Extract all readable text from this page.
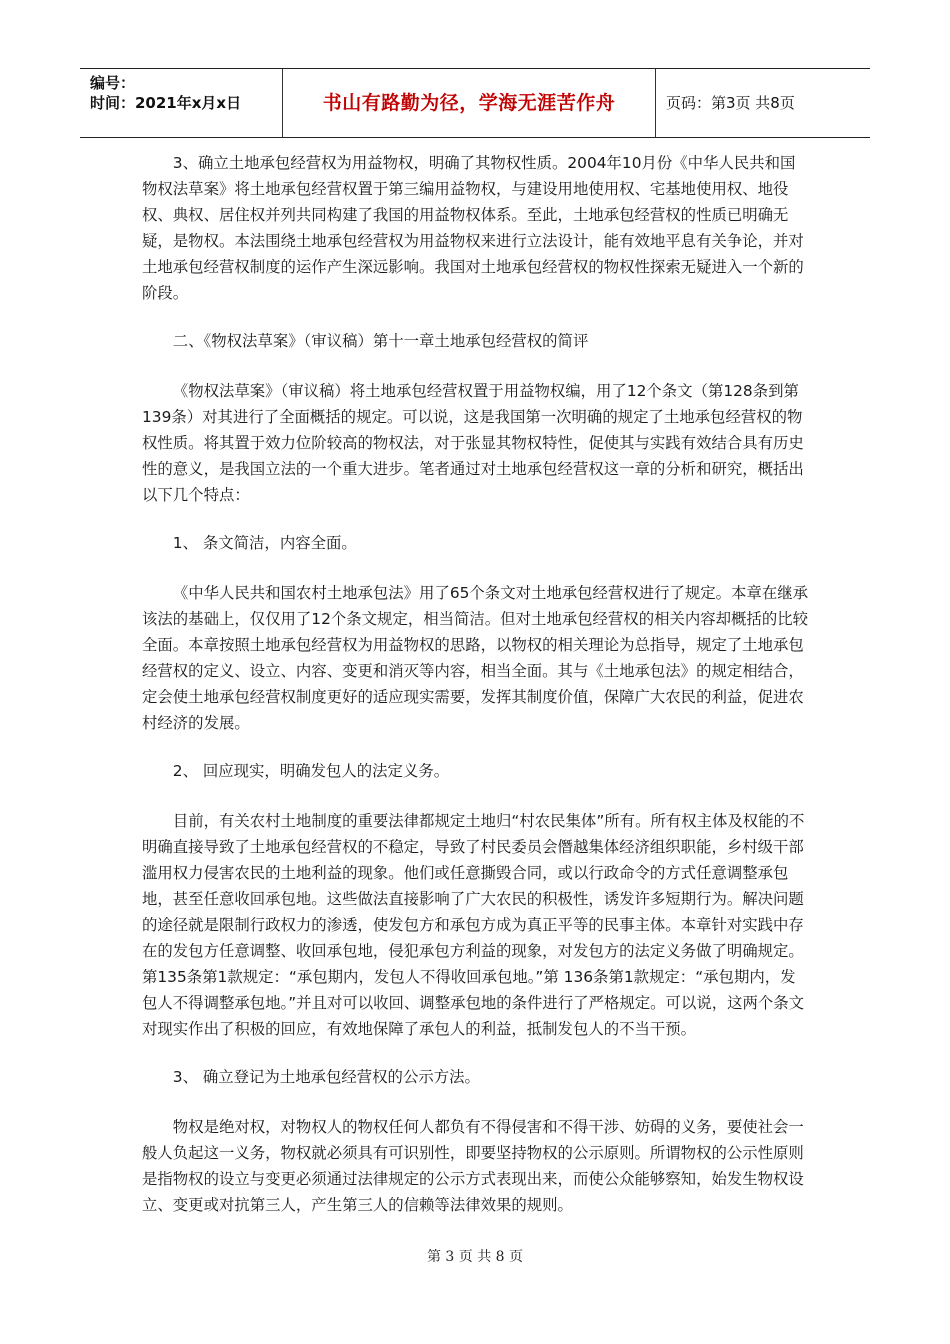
编号：
时间：2021年x月x日	书山有路勤为径，学海无涯苦作舟	页码：第3页 共8页

3、确立土地承包经营权为用益物权，明确了其物权性质。2004年10月份《中华人民共和国物权法草案》将土地承包经营权置于第三编用益物权，与建设用地使用权、宅基地使用权、地役权、典权、居住权并列共同构建了我国的用益物权体系。至此，土地承包经营权的性质已明确无疑，是物权。本法围绕土地承包经营权为用益物权来进行立法设计，能有效地平息有关争论，并对土地承包经营权制度的运作产生深远影响。我国对土地承包经营权的物权性探索无疑进入一个新的阶段。

二、《物权法草案》（审议稿）第十一章土地承包经营权的简评

《物权法草案》（审议稿）将土地承包经营权置于用益物权编，用了12个条文（第128条到第139条）对其进行了全面概括的规定。可以说，这是我国第一次明确的规定了土地承包经营权的物权性质。将其置于效力位阶较高的物权法，对于张显其物权特性，促使其与实践有效结合具有历史性的意义，是我国立法的一个重大进步。笔者通过对土地承包经营权这一章的分析和研究，概括出以下几个特点：

1、 条文简洁，内容全面。

《中华人民共和国农村土地承包法》用了65个条文对土地承包经营权进行了规定。本章在继承该法的基础上，仅仅用了12个条文规定，相当简洁。但对土地承包经营权的相关内容却概括的比较全面。本章按照土地承包经营权为用益物权的思路，以物权的相关理论为总指导，规定了土地承包经营权的定义、设立、内容、变更和消灭等内容，相当全面。其与《土地承包法》的规定相结合，定会使土地承包经营权制度更好的适应现实需要，发挥其制度价值，保障广大农民的利益，促进农村经济的发展。

2、 回应现实，明确发包人的法定义务。

目前，有关农村土地制度的重要法律都规定土地归“村农民集体”所有。所有权主体及权能的不明确直接导致了土地承包经营权的不稳定，导致了村民委员会僭越集体经济组织职能，乡村级干部滥用权力侵害农民的土地利益的现象。他们或任意撕毁合同，或以行政命令的方式任意调整承包地，甚至任意收回承包地。这些做法直接影响了广大农民的积极性，诱发许多短期行为。解决问题的途径就是限制行政权力的渗透，使发包方和承包方成为真正平等的民事主体。本章针对实践中存在的发包方任意调整、收回承包地，侵犯承包方利益的现象，对发包方的法定义务做了明确规定。第135条第1款规定：“承包期内，发包人不得收回承包地。”第 136条第1款规定：“承包期内，发包人不得调整承包地。”并且对可以收回、调整承包地的条件进行了严格规定。可以说，这两个条文对现实作出了积极的回应，有效地保障了承包人的利益，抵制发包人的不当干预。

3、 确立登记为土地承包经营权的公示方法。

物权是绝对权，对物权人的物权任何人都负有不得侵害和不得干涉、妨碍的义务，要使社会一般人负起这一义务，物权就必须具有可识别性，即要坚持物权的公示原则。所谓物权的公示性原则是指物权的设立与变更必须通过法律规定的公示方式表现出来，而使公众能够察知，始发生物权设立、变更或对抗第三人，产生第三人的信赖等法律效果的规则。

第 3 页 共 8 页
